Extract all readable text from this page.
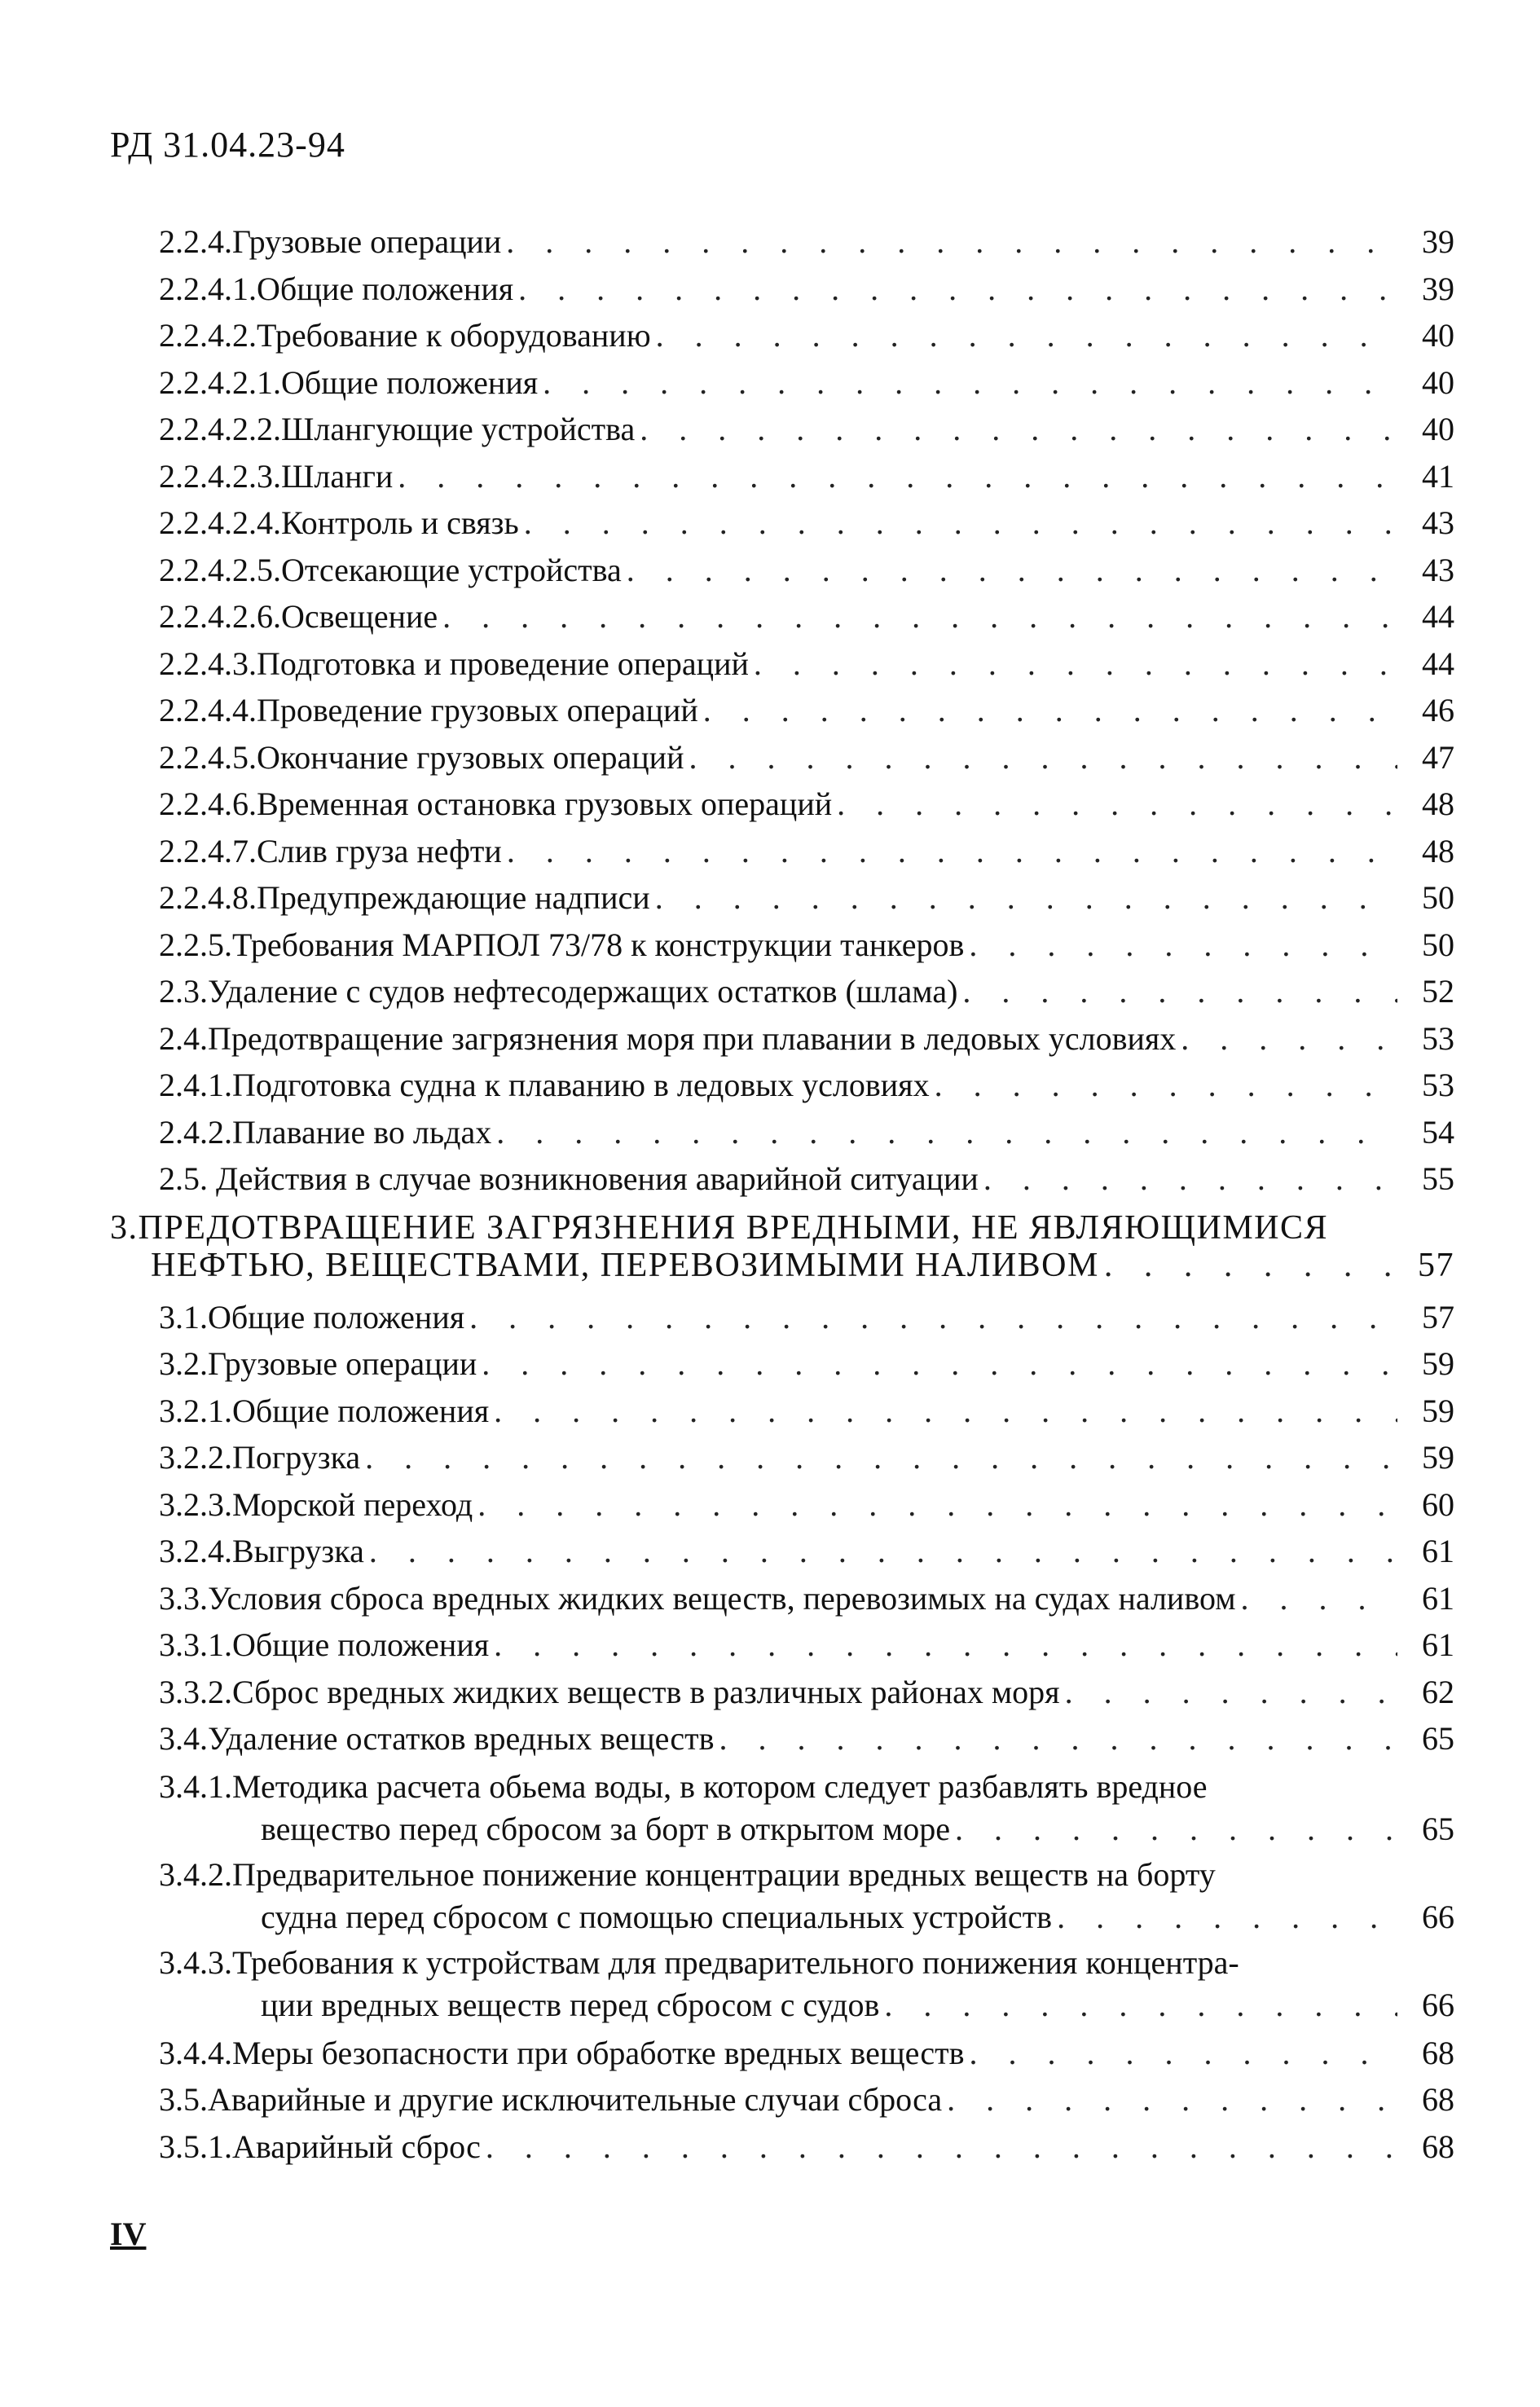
РД 31.04.23-94
2.2.4.Грузовые операции . . .	39
2.2.4.1.Общие положения . . .	39
2.2.4.2.Требование к оборудованию . . .	40
2.2.4.2.1.Общие положения . . .	40
2.2.4.2.2.Шлангующие устройства . . .	40
2.2.4.2.3.Шланги . . .	41
2.2.4.2.4.Контроль и связь . . .	43
2.2.4.2.5.Отсекающие устройства . . .	43
2.2.4.2.6.Освещение . . .	44
2.2.4.3.Подготовка и проведение операций . . .	44
2.2.4.4.Проведение грузовых операций . . .	46
2.2.4.5.Окончание грузовых операций . . .	47
2.2.4.6.Временная остановка грузовых операций . . .	48
2.2.4.7.Слив груза нефти . . .	48
2.2.4.8.Предупреждающие надписи . . .	50
2.2.5.Требования МАРПОЛ 73/78 к конструкции танкеров . . .	50
2.3.Удаление с судов нефтесодержащих остатков (шлама) . . .	52
2.4.Предотвращение загрязнения моря при плавании в ледовых условиях . . .	53
2.4.1.Подготовка судна к плаванию в ледовых условиях . . .	53
2.4.2.Плавание во льдах . . .	54
2.5. Действия в случае возникновения аварийной ситуации . . .	55
3.ПРЕДОТВРАЩЕНИЕ ЗАГРЯЗНЕНИЯ ВРЕДНЫМИ, НЕ ЯВЛЯЮЩИМИСЯ
НЕФТЬЮ, ВЕЩЕСТВАМИ, ПЕРЕВОЗИМЫМИ НАЛИВОМ . . .	57
3.1.Общие положения . . .	57
3.2.Грузовые операции . . .	59
3.2.1.Общие положения . . .	59
3.2.2.Погрузка . . .	59
3.2.3.Морской переход . . .	60
3.2.4.Выгрузка . . .	61
3.3.Условия сброса вредных жидких веществ, перевозимых на судах наливом . . .	61
3.3.1.Общие положения . . .	61
3.3.2.Сброс вредных жидких веществ в различных районах моря . . .	62
3.4.Удаление остатков вредных веществ . . .	65
3.4.1.Методика расчета обьема воды, в котором следует разбавлять вредное
вещество перед сбросом за борт в открытом море . . .	65
3.4.2.Предварительное понижение концентрации вредных веществ на борту
судна перед сбросом с помощью специальных устройств . . .	66
3.4.3.Требования к устройствам для предварительного понижения концентра-
ции вредных веществ перед сбросом с судов . . .	66
3.4.4.Меры безопасности при обработке вредных веществ . . .	68
3.5.Аварийные и другие исключительные случаи сброса . . .	68
3.5.1.Аварийный сброс . . .	68
IV
